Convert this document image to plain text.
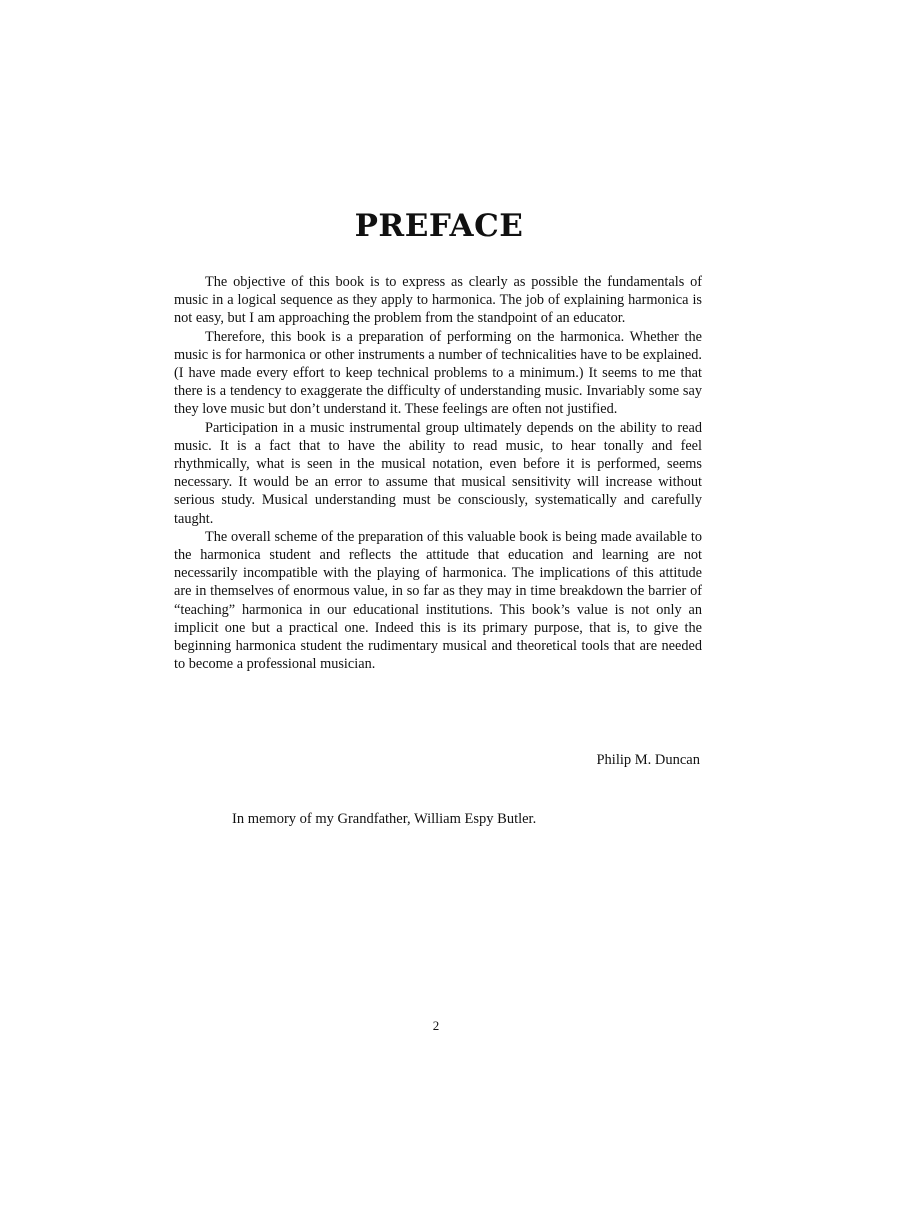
PREFACE

The objective of this book is to express as clearly as possible the fundamentals of music in a logical sequence as they apply to harmonica. The job of explaining harmonica is not easy, but I am approaching the problem from the standpoint of an educator.

Therefore, this book is a preparation of performing on the harmonica. Whether the music is for harmonica or other instruments a number of technicalities have to be explained. (I have made every effort to keep technical problems to a minimum.) It seems to me that there is a tendency to exaggerate the difficulty of understanding music. Invariably some say they love music but don’t understand it. These feelings are often not justified.

Participation in a music instrumental group ultimately depends on the ability to read music. It is a fact that to have the ability to read music, to hear tonally and feel rhythmically, what is seen in the musical notation, even before it is performed, seems necessary. It would be an error to assume that musical sensitivity will increase without serious study. Musical understanding must be consciously, systematically and carefully taught.

The overall scheme of the preparation of this valuable book is being made available to the harmonica student and reflects the attitude that education and learning are not necessarily incompatible with the playing of harmonica. The implications of this attitude are in themselves of enormous value, in so far as they may in time breakdown the barrier of “teaching” harmonica in our educational institutions. This book’s value is not only an implicit one but a practical one. Indeed this is its primary purpose, that is, to give the beginning harmonica student the rudimentary musical and theoretical tools that are needed to become a professional musician.

Philip M. Duncan

In memory of my Grandfather, William Espy Butler.

2
